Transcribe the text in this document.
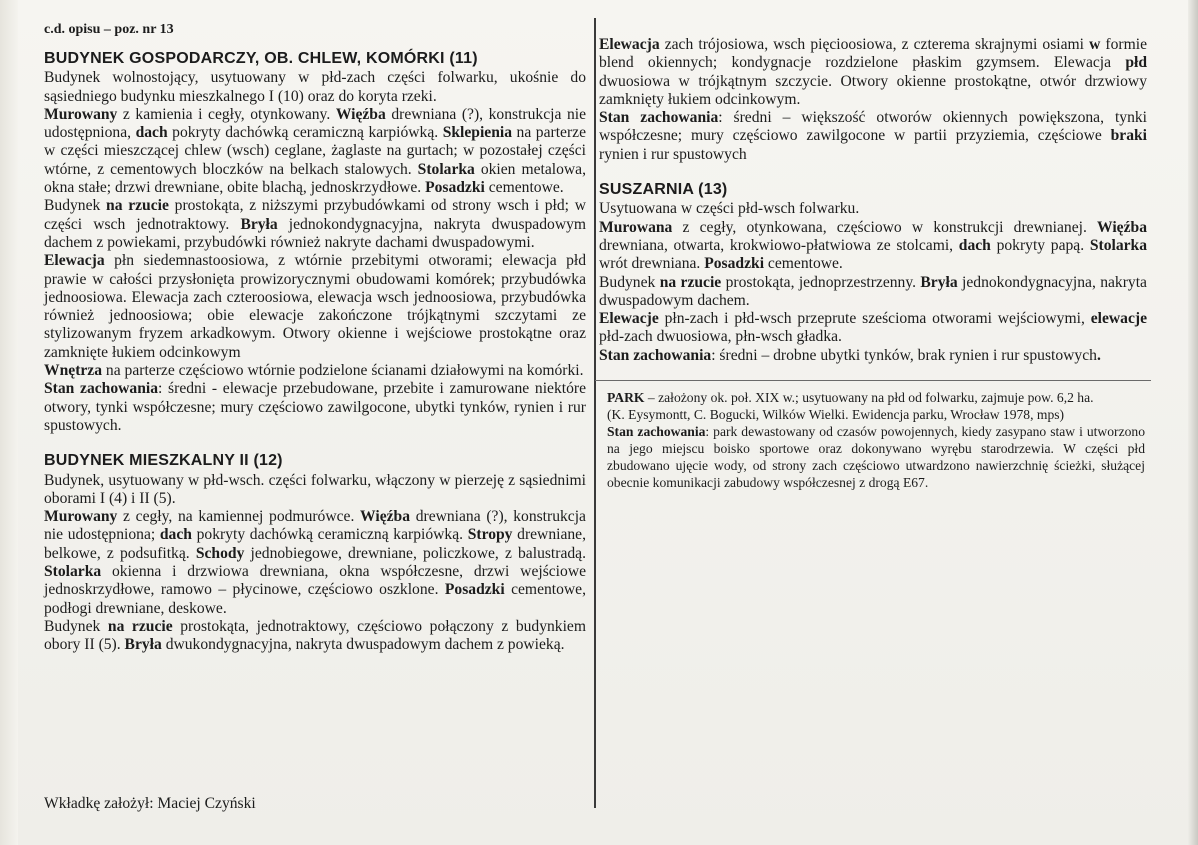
c.d. opisu – poz. nr 13
BUDYNEK GOSPODARCZY, OB. CHLEW, KOMÓRKI (11)

Budynek wolnostojący, usytuowany w płd-zach części folwarku, ukośnie do sąsiedniego budynku mieszkalnego I (10) oraz do koryta rzeki.

Murowany z kamienia i cegły, otynkowany. Więźba drewniana (?), konstrukcja nie udostępniona, dach pokryty dachówką ceramiczną karpiówką. Sklepienia na parterze w części mieszczącej chlew (wsch) ceglane, żaglaste na gurtach; w pozostałej części wtórne, z cementowych bloczków na belkach stalowych. Stolarka okien metalowa, okna stałe; drzwi drewniane, obite blachą, jednoskrzydłowe. Posadzki cementowe.

Budynek na rzucie prostokąta, z niższymi przybudówkami od strony wsch i płd; w części wsch jednotraktowy. Bryła jednokondygnacyjna, nakryta dwuspadowym dachem z powiekami, przybudówki również nakryte dachami dwuspadowymi.

Elewacja płn siedemnastoosiowa, z wtórnie przebitymi otworami; elewacja płd prawie w całości przysłonięta prowizorycznymi obudowami komórek; przybudówka jednoosiowa. Elewacja zach czteroosiowa, elewacja wsch jednoosiowa, przybudówka również jednoosiowa; obie elewacje zakończone trójkątnymi szczytami ze stylizowanym fryzem arkadkowym. Otwory okienne i wejściowe prostokątne oraz zamknięte łukiem odcinkowym

Wnętrza na parterze częściowo wtórnie podzielone ścianami działowymi na komórki.

Stan zachowania: średni - elewacje przebudowane, przebite i zamurowane niektóre otwory, tynki współczesne; mury częściowo zawilgocone, ubytki tynków, rynien i rur spustowych.

BUDYNEK MIESZKALNY II (12)

Budynek, usytuowany w płd-wsch. części folwarku, włączony w pierzeję z sąsiednimi oborami I (4) i II (5).

Murowany z cegły, na kamiennej podmurówce. Więźba drewniana (?), konstrukcja nie udostępniona; dach pokryty dachówką ceramiczną karpiówką. Stropy drewniane, belkowe, z podsufitką. Schody jednobiegowe, drewniane, policzkowe, z balustradą. Stolarka okienna i drzwiowa drewniana, okna współczesne, drzwi wejściowe jednoskrzydłowe, ramowo – płycinowe, częściowo oszklone. Posadzki cementowe, podłogi drewniane, deskowe.

Budynek na rzucie prostokąta, jednotraktowy, częściowo połączony z budynkiem obory II (5). Bryła dwukondygnacyjna, nakryta dwuspadowym dachem z powieką.

Elewacja zach trójosiowa, wsch pięcioosiowa, z czterema skrajnymi osiami w formie blend okiennych; kondygnacje rozdzielone płaskim gzymsem. Elewacja płd dwuosiowa w trójkątnym szczycie. Otwory okienne prostokątne, otwór drzwiowy zamknięty łukiem odcinkowym.

Stan zachowania: średni – większość otworów okiennych powiększona, tynki współczesne; mury częściowo zawilgocone w partii przyziemia, częściowe braki rynien i rur spustowych

SUSZARNIA (13)

Usytuowana w części płd-wsch folwarku.

Murowana z cegły, otynkowana, częściowo w konstrukcji drewnianej. Więźba drewniana, otwarta, krokwiowo-płatwiowa ze stolcami, dach pokryty papą. Stolarka wrót drewniana. Posadzki cementowe.

Budynek na rzucie prostokąta, jednoprzestrzenny. Bryła jednokondygnacyjna, nakryta dwuspadowym dachem.

Elewacje płn-zach i płd-wsch przeprute sześcioma otworami wejściowymi, elewacje płd-zach dwuosiowa, płn-wsch gładka.

Stan zachowania: średni – drobne ubytki tynków, brak rynien i rur spustowych.

PARK – założony ok. poł. XIX w.; usytuowany na płd od folwarku, zajmuje pow. 6,2 ha.

(K. Eysymontt, C. Bogucki, Wilków Wielki. Ewidencja parku, Wrocław 1978, mps)

Stan zachowania: park dewastowany od czasów powojennych, kiedy zasypano staw i utworzono na jego miejscu boisko sportowe oraz dokonywano wyrębu starodrzewia. W części płd zbudowano ujęcie wody, od strony zach częściowo utwardzono nawierzchnię ścieżki, służącej obecnie komunikacji zabudowy współczesnej z drogą E67.

Wkładkę założył: Maciej Czyński
